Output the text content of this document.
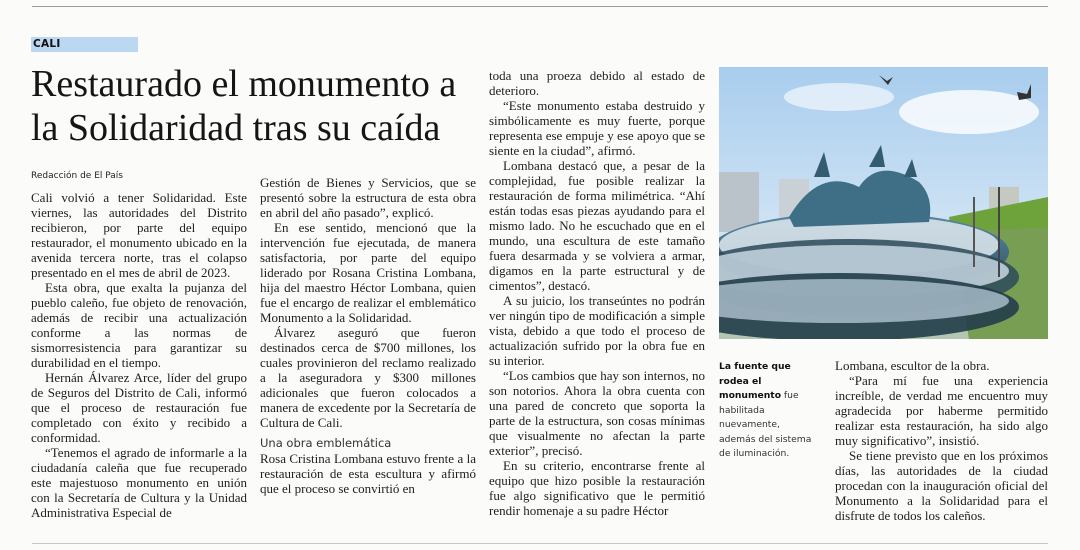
CALI
Restaurado el monumento a la Solidaridad tras su caída

Redacción de El País

Cali volvió a tener Solidaridad. Este viernes, las autoridades del Distrito recibieron, por parte del equipo restaurador, el monumento ubicado en la avenida tercera norte, tras el colapso presentado en el mes de abril de 2023.

Esta obra, que exalta la pujanza del pueblo caleño, fue objeto de renovación, además de recibir una actualización conforme a las normas de sismorresistencia para garantizar su durabilidad en el tiempo.

Hernán Álvarez Arce, líder del grupo de Seguros del Distrito de Cali, informó que el proceso de restauración fue completado con éxito y recibido a conformidad.

“Tenemos el agrado de informarle a la ciudadanía caleña que fue recuperado este majestuoso monumento en unión con la Secretaría de Cultura y la Unidad Administrativa Especial de

Gestión de Bienes y Servicios, que se presentó sobre la estructura de esta obra en abril del año pasado”, explicó.

En ese sentido, mencionó que la intervención fue ejecutada, de manera satisfactoria, por parte del equipo liderado por Rosana Cristina Lombana, hija del maestro Héctor Lombana, quien fue el encargo de realizar el emblemático Monumento a la Solidaridad.

Álvarez aseguró que fueron destinados cerca de $700 millones, los cuales provinieron del reclamo realizado a la aseguradora y $300 millones adicionales que fueron colocados a manera de excedente por la Secretaría de Cultura de Cali.

Una obra emblemática

Rosa Cristina Lombana estuvo frente a la restauración de esta escultura y afirmó que el proceso se convirtió en

toda una proeza debido al estado de deterioro.

“Este monumento estaba destruido y simbólicamente es muy fuerte, porque representa ese empuje y ese apoyo que se siente en la ciudad”, afirmó.

Lombana destacó que, a pesar de la complejidad, fue posible realizar la restauración de forma milimétrica. “Ahí están todas esas piezas ayudando para el mismo lado. No he escuchado que en el mundo, una escultura de este tamaño fuera desarmada y se volviera a armar, digamos en la parte estructural y de cimentos”, destacó.

A su juicio, los transeúntes no podrán ver ningún tipo de modificación a simple vista, debido a que todo el proceso de actualización sufrido por la obra fue en su interior.

“Los cambios que hay son internos, no son notorios. Ahora la obra cuenta con una pared de concreto que soporta la parte de la estructura, son cosas mínimas que visualmente no afectan la parte exterior”, precisó.

En su criterio, encontrarse frente al equipo que hizo posible la restauración fue algo significativo que le permitió rendir homenaje a su padre Héctor

La fuente que rodea el monumento fue habilitada nuevamente, además del sistema de iluminación.

Lombana, escultor de la obra.

“Para mí fue una experiencia increíble, de verdad me encuentro muy agradecida por haberme permitido realizar esta restauración, ha sido algo muy significativo”, insistió.

Se tiene previsto que en los próximos días, las autoridades de la ciudad procedan con la inauguración oficial del Monumento a la Solidaridad para el disfrute de todos los caleños.
